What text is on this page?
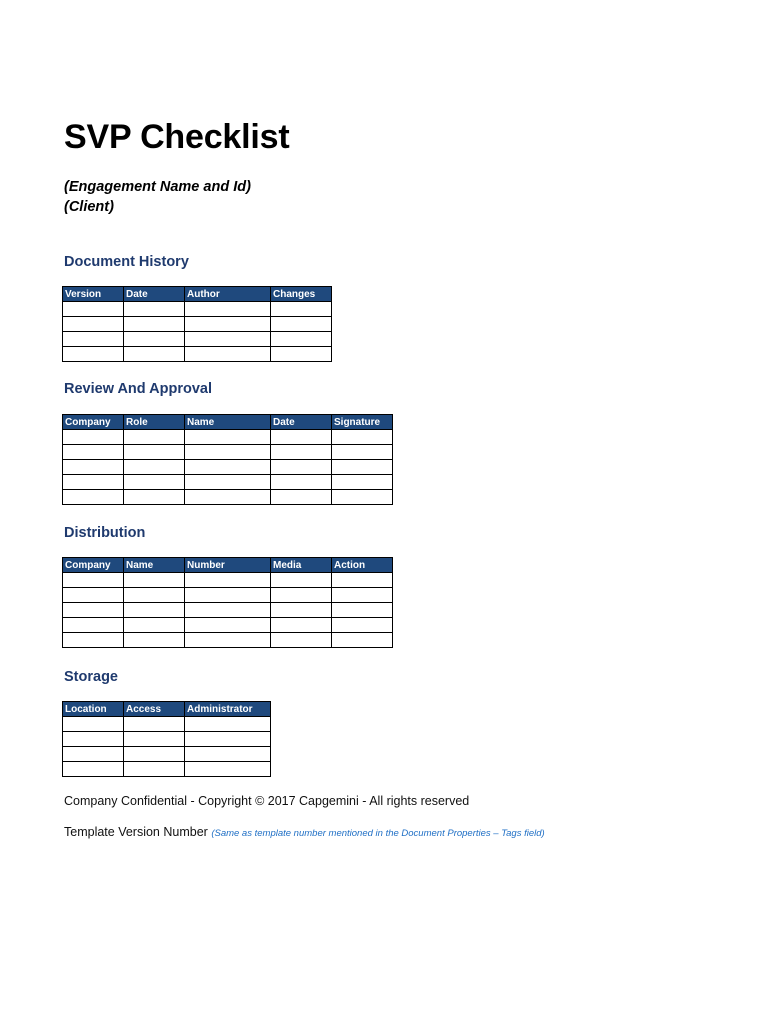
SVP Checklist
(Engagement Name and Id)
(Client)
Document History
Version	Date	Author	Changes

Review And Approval
Company	Role	Name	Date	Signature

Distribution
Company	Name	Number	Media	Action

Storage
Location	Access	Administrator

Company Confidential - Copyright © 2017 Capgemini - All rights reserved
Template Version Number (Same as template number mentioned in the Document Properties – Tags field)
